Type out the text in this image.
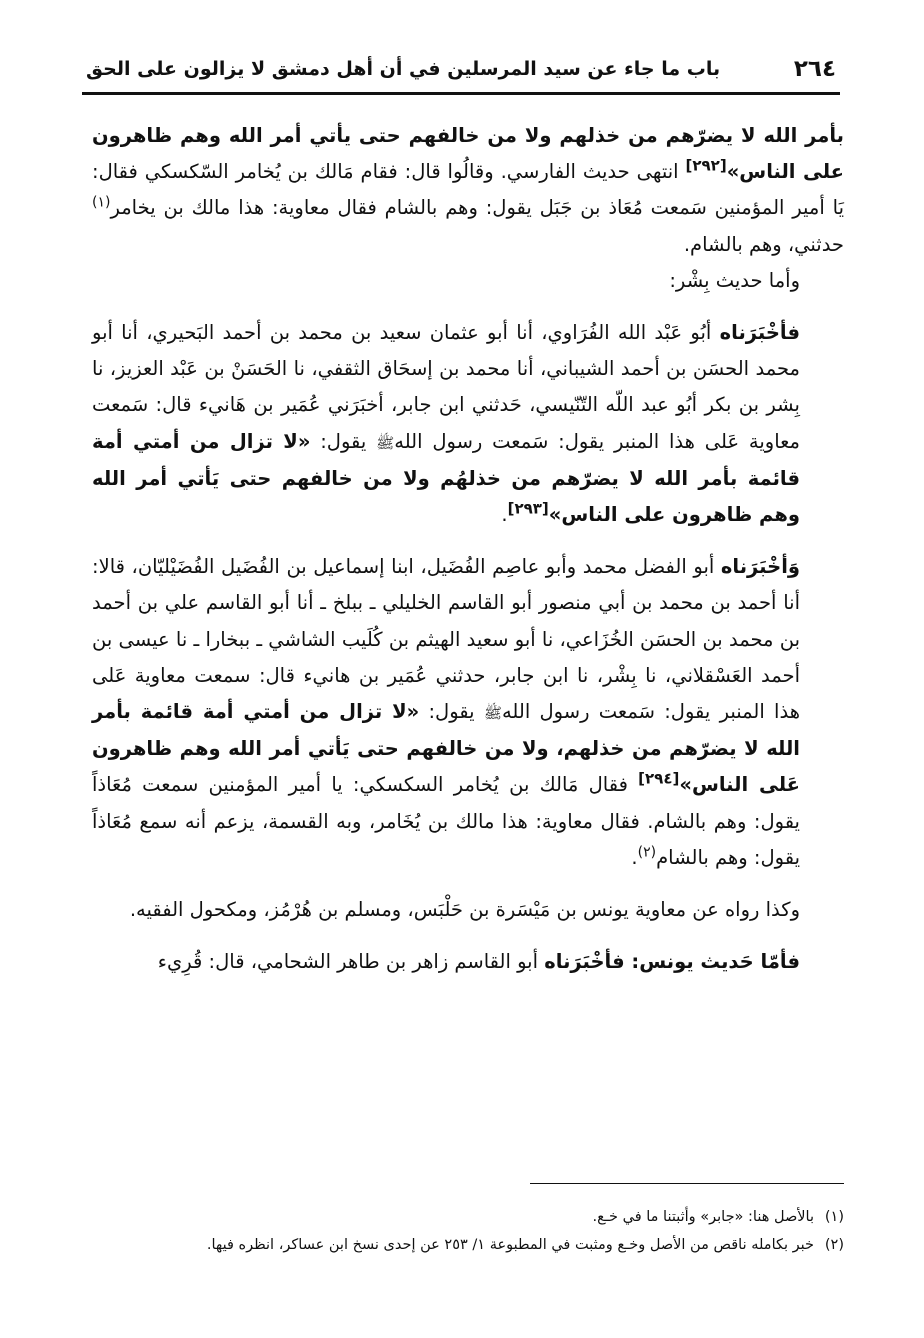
٢٦٤
باب ما جاء عن سيد المرسلين في أن أهل دمشق لا يزالون على الحق

بأمر الله لا يضرّهم من خذلهم ولا من خالفهم حتى يأتي أمر الله وهم ظاهرون على الناس»[٢٩٢] انتهى حديث الفارسي. وقالُوا قال: فقام مَالك بن يُخامر السّكسكي فقال: يَا أمير المؤمنين سَمعت مُعَاذ بن جَبَل يقول: وهم بالشام فقال معاوية: هذا مالك بن يخامر$^{(١)}$ حدثني، وهم بالشام.

وأما حديث بِشْر:

فأخْبَرَناه أبُو عَبْد الله الفُرَاوي، أنا أبو عثمان سعيد بن محمد بن أحمد البَحيري، أنا أبو محمد الحسَن بن أحمد الشيباني، أنا محمد بن إسحَاق الثقفي، نا الحَسَنْ بن عَبْد العزيز، نا بِشر بن بكر أبُو عبد اللّه التّنّيسي، حَدثني ابن جابر، أخبَرَني عُمَير بن هَانيء قال: سَمعت معاوية عَلى هذا المنبر يقول: سَمعت رسول اللهﷺ يقول: «لا تزال من أمتي أمة قائمة بأمر الله لا يضرّهم من خذلهُم ولا من خالفهم حتى يَأتي أمر الله وهم ظاهرون على الناس»[٢٩٣].

وَأخْبَرَناه أبو الفضل محمد وأبو عاصِم الفُضَيل، ابنا إسماعيل بن الفُضَيل الفُضَيْليّان، قالا: أنا أحمد بن محمد بن أبي منصور أبو القاسم الخليلي ـ ببلخ ـ أنا أبو القاسم علي بن أحمد بن محمد بن الحسَن الخُزَاعي، نا أبو سعيد الهيثم بن كُلَيب الشاشي ـ ببخارا ـ نا عيسى بن أحمد العَسْقلاني، نا بِشْر، نا ابن جابر، حدثني عُمَير بن هانيء قال: سمعت معاوية عَلى هذا المنبر يقول: سَمعت رسول اللهﷺ يقول: «لا تزال من أمتي أمة قائمة بأمر الله لا يضرّهم من خذلهم، ولا من خالفهم حتى يَأتي أمر الله وهم ظاهرون عَلى الناس»[٢٩٤] فقال مَالك بن يُخامر السكسكي: يا أمير المؤمنين سمعت مُعَاذاً يقول: وهم بالشام. فقال معاوية: هذا مالك بن يُخَامر، وبه القسمة، يزعم أنه سمع مُعَاذاً يقول: وهم بالشام$^{(٢)}$.

وكذا رواه عن معاوية يونس بن مَيْسَرة بن حَلْبَس، ومسلم بن هُرْمُز، ومكحول الفقيه.

فأمّا حَديث يونس: فأخْبَرَناه أبو القاسم زاهر بن طاهر الشحامي، قال: قُرِيء

(١)بالأصل هنا: «جابر» وأثبتنا ما في خـع.

(٢)خبر بكامله ناقص من الأصل وخـع ومثبت في المطبوعة ١/ ٢٥٣ عن إحدى نسخ ابن عساكر، انظره فيها.
